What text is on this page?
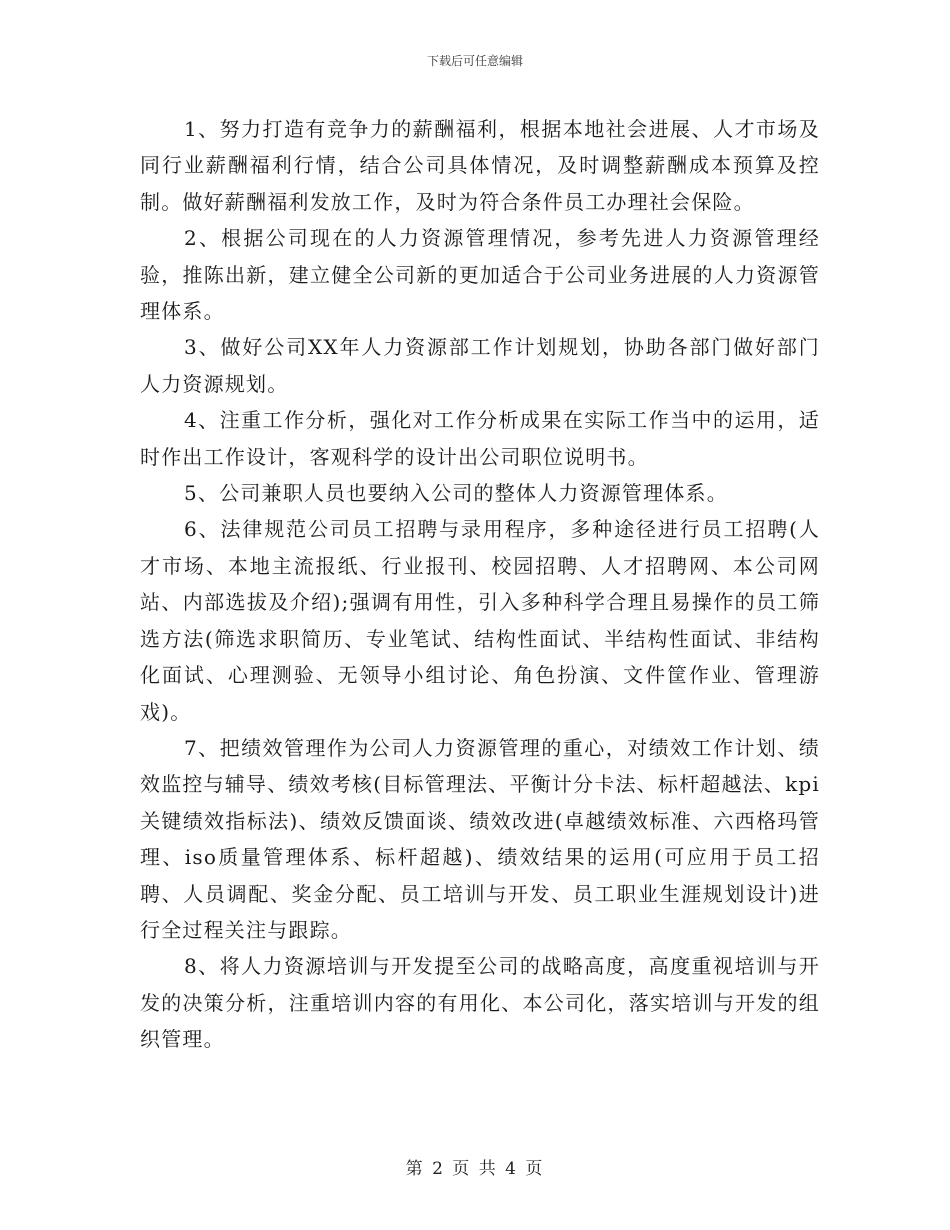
下载后可任意编辑

1、努力打造有竞争力的薪酬福利，根据本地社会进展、人才市场及同行业薪酬福利行情，结合公司具体情况，及时调整薪酬成本预算及控制。做好薪酬福利发放工作，及时为符合条件员工办理社会保险。

2、根据公司现在的人力资源管理情况，参考先进人力资源管理经验，推陈出新，建立健全公司新的更加适合于公司业务进展的人力资源管理体系。

3、做好公司XX年人力资源部工作计划规划，协助各部门做好部门人力资源规划。

4、注重工作分析，强化对工作分析成果在实际工作当中的运用，适时作出工作设计，客观科学的设计出公司职位说明书。

5、公司兼职人员也要纳入公司的整体人力资源管理体系。

6、法律规范公司员工招聘与录用程序，多种途径进行员工招聘(人才市场、本地主流报纸、行业报刊、校园招聘、人才招聘网、本公司网站、内部选拔及介绍);强调有用性，引入多种科学合理且易操作的员工筛选方法(筛选求职简历、专业笔试、结构性面试、半结构性面试、非结构化面试、心理测验、无领导小组讨论、角色扮演、文件筐作业、管理游戏)。

7、把绩效管理作为公司人力资源管理的重心，对绩效工作计划、绩效监控与辅导、绩效考核(目标管理法、平衡计分卡法、标杆超越法、kpi关键绩效指标法)、绩效反馈面谈、绩效改进(卓越绩效标准、六西格玛管理、iso质量管理体系、标杆超越)、绩效结果的运用(可应用于员工招聘、人员调配、奖金分配、员工培训与开发、员工职业生涯规划设计)进行全过程关注与跟踪。

8、将人力资源培训与开发提至公司的战略高度，高度重视培训与开发的决策分析，注重培训内容的有用化、本公司化，落实培训与开发的组织管理。

第 2 页 共 4 页
